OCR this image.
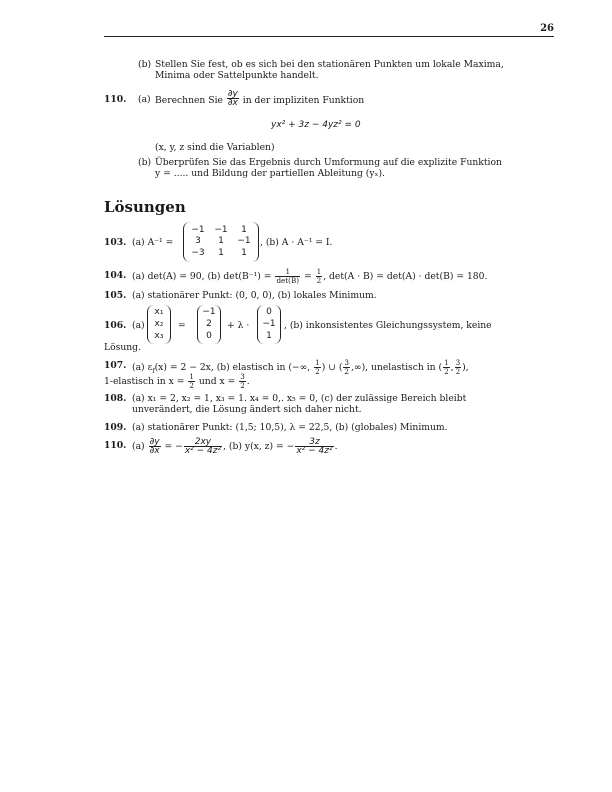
26
(b) Stellen Sie fest, ob es sich bei den stationären Punkten um lokale Maxima,
Minima oder Sattelpunkte handelt.
110. (a) Berechnen Sie $\frac{\partial y}{\partial x}$ in der impliziten Funktion
yx² + 3z − 4yz² = 0
(x, y, z sind die Variablen)
(b) Überprüfen Sie das Ergebnis durch Umformung auf die explizite Funktion
y = ..... und Bildung der partiellen Ableitung (yₓ).
Lösungen
103. (a) A⁻¹ =
−1	−1	1
3	1	−1
−3	1	1
, (b) A · A⁻¹ = I.
104. (a) det(A) = 90, (b) $\det(B^{-1}) = \frac{1}{\det(B)} = \frac{1}{2}$ , det(A · B) = det(A) · det(B) = 180.
105. (a) stationärer Punkt: (0, 0, 0), (b) lokales Minimum.
106. (a)
x₁
x₂
x₃
=
−1
2
0
+ λ ·
0
−1
1
, (b) inkonsistentes Gleichungssystem, keine
Lösung.
107. (a) $\varepsilon_f(x) = 2 - 2x$, (b) elastisch in (−∞, $\frac{1}{2}$ ) ∪ ( $\frac{3}{2}$ ,∞), unelastisch in ( $\frac{1}{2}$ , $\frac{3}{2}$ ),
1-elastisch in $x = \frac{1}{2}$ und $x = \frac{3}{2}$ .
108. (a) x₁ = 2, x₂ = 1, x₃ = 1. x₄ = 0,. x₅ = 0, (c) der zulässige Bereich bleibt
unverändert, die Lösung ändert sich daher nicht.
109. (a) stationärer Punkt: (1,5; 10,5), λ = 22,5, (b) (globales) Minimum.
110. $(a) \frac{\partial y}{\partial x}$ = − $\frac{2xy}{\text{x² − 4z²}}$ , (b) y(x, z) = − $\frac{3z}{\text{x² − 4z²}}$ .
